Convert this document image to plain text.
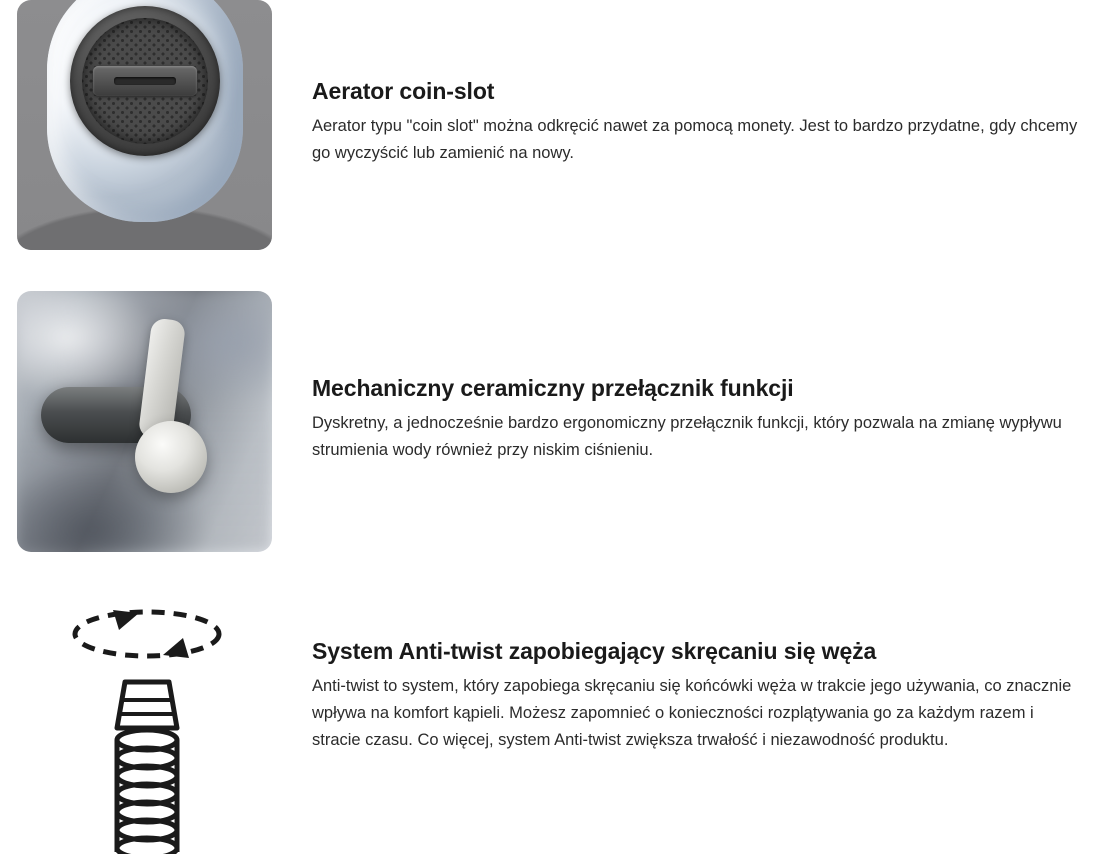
Aerator coin-slot

Aerator typu "coin slot" można odkręcić nawet za pomocą monety. Jest to bardzo przydatne, gdy chcemy go wyczyścić lub zamienić na nowy.

Mechaniczny ceramiczny przełącznik funkcji

Dyskretny, a jednocześnie bardzo ergonomiczny przełącznik funkcji, który pozwala na zmianę wypływu strumienia wody również przy niskim ciśnieniu.

System Anti-twist zapobiegający skręcaniu się węża

Anti-twist to system, który zapobiega skręcaniu się końcówki węża w trakcie jego używania, co znacznie wpływa na komfort kąpieli. Możesz zapomnieć o konieczności rozplątywania go za każdym razem i stracie czasu. Co więcej, system Anti-twist zwiększa trwałość i niezawodność produktu.
